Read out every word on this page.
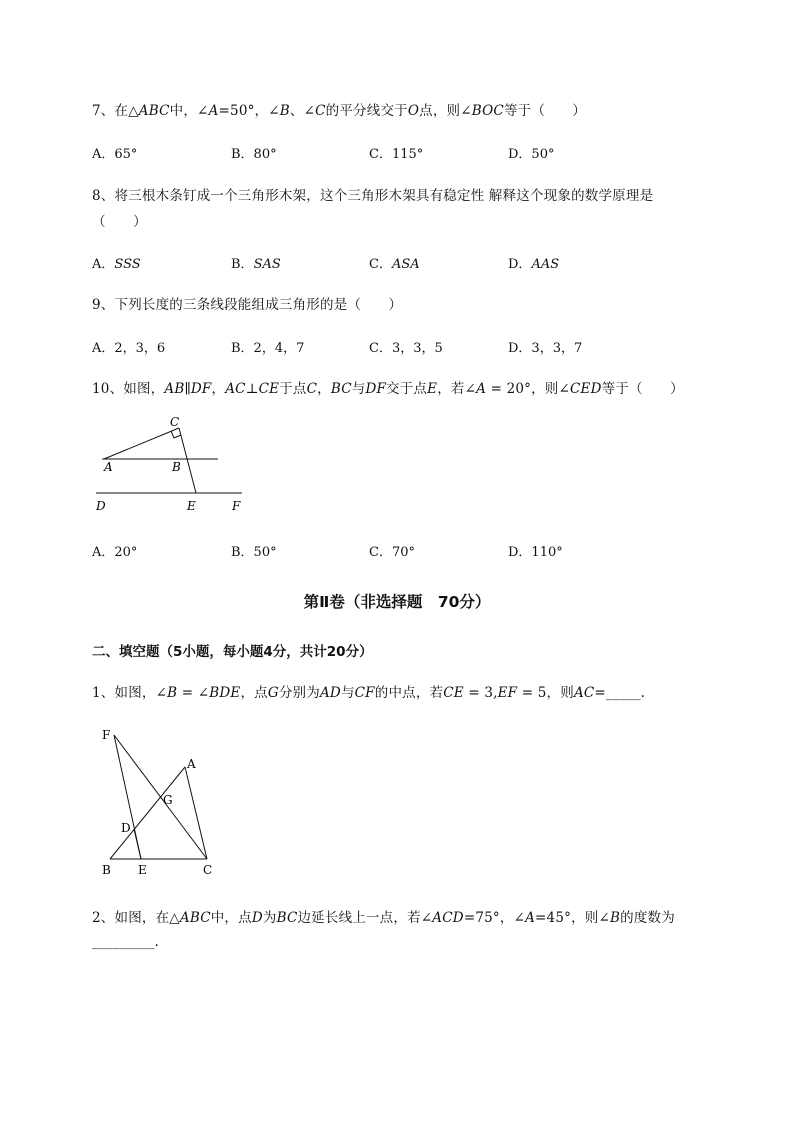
7、在△ABC中，∠A=50°，∠B、∠C的平分线交于O点，则∠BOC等于（　　）
A．65°	B．80°	C．115°	D．50°
8、将三根木条钉成一个三角形木架，这个三角形木架具有稳定性 解释这个现象的数学原理是
（　　）
A．SSS	B．SAS	C．ASA	D．AAS
9、下列长度的三条线段能组成三角形的是（　　）
A．2，3，6	B．2，4，7	C．3，3，5	D．3，3，7
10、如图，AB∥DF，AC⊥CE于点C，BC与DF交于点E，若∠A = 20°，则∠CED等于（　　）
C
A	B
D	E	F
A．20°	B．50°	C．70°	D．110°
第Ⅱ卷（非选择题　70分）
二、填空题（5小题，每小题4分，共计20分）
1、如图，∠B = ∠BDE，点G分别为AD与CF的中点，若CE = 3,EF = 5，则AC=_____.
F
A
G
D
B E	C
2、如图，在△ABC中，点D为BC边延长线上一点，若∠ACD=75°，∠A=45°，则∠B的度数为
_________.
